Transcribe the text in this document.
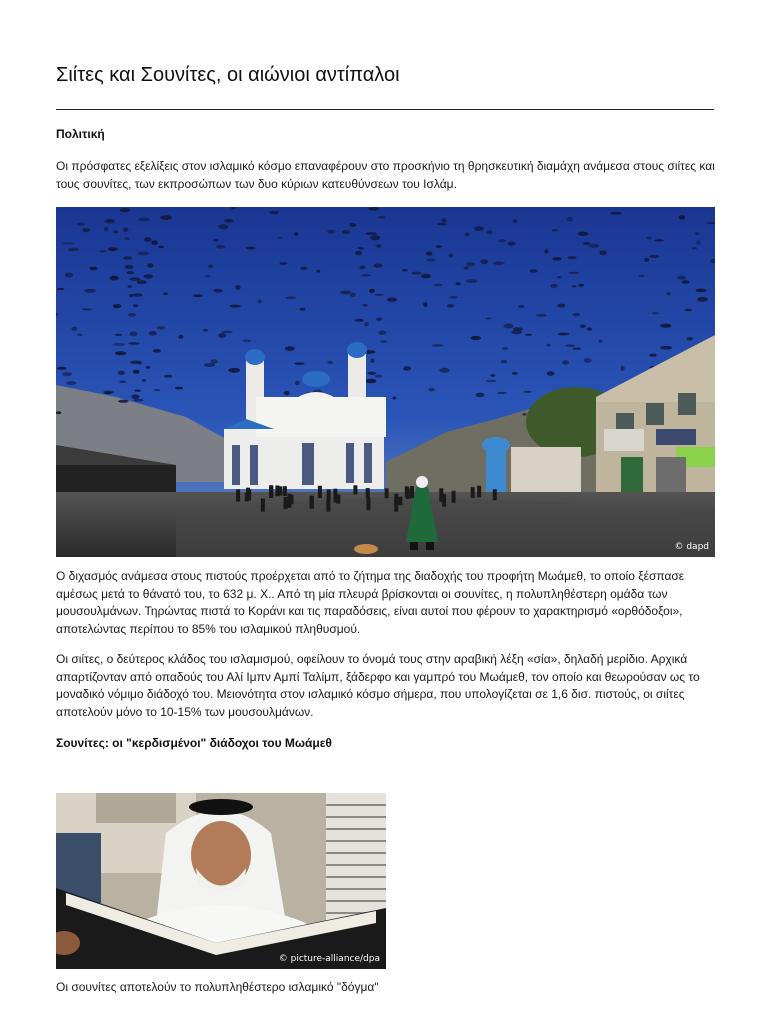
Σιίτες και Σουνίτες, οι αιώνιοι αντίπαλοι
Πολιτική

Οι πρόσφατες εξελίξεις στον ισλαμικό κόσμο επαναφέρουν στο προσκήνιο τη θρησκευτική διαμάχη ανάμεσα στους σιίτες και τους σουνίτες, των εκπροσώπων των δυο κύριων κατευθύνσεων του Ισλάμ.

© dapd

Ο διχασμός ανάμεσα στους πιστούς προέρχεται από το ζήτημα της διαδοχής του προφήτη Μωάμεθ, το οποίο ξέσπασε αμέσως μετά το θάνατό του, το 632 μ. Χ.. Από τη μία πλευρά βρίσκονται οι σουνίτες, η πολυπληθέστερη ομάδα των μουσουλμάνων. Τηρώντας πιστά το Κοράνι και τις παραδόσεις, είναι αυτοί που φέρουν το χαρακτηρισμό «ορθόδοξοι», αποτελώντας περίπου το 85% του ισλαμικού πληθυσμού.

Οι σιίτες, ο δεύτερος κλάδος του ισλαμισμού, οφείλουν το όνομά τους στην αραβική λέξη «σία», δηλαδή μερίδιο. Αρχικά απαρτίζονταν από οπαδούς του Αλί Ιμπν Αμπί Ταλίμπ, ξάδερφο και γαμπρό του Μωάμεθ, τον οποίο και θεωρούσαν ως το μοναδικό νόμιμο διάδοχό του. Μειονότητα στον ισλαμικό κόσμο σήμερα, που υπολογίζεται σε 1,6 δισ. πιστούς, οι σιίτες αποτελούν μόνο το 10-15% των μουσουλμάνων.

Σουνίτες: οι "κερδισμένοι" διάδοχοι του Μωάμεθ
© picture-alliance/dpa
Οι σουνίτες αποτελούν το πολυπληθέστερο ισλαμικό "δόγμα"
